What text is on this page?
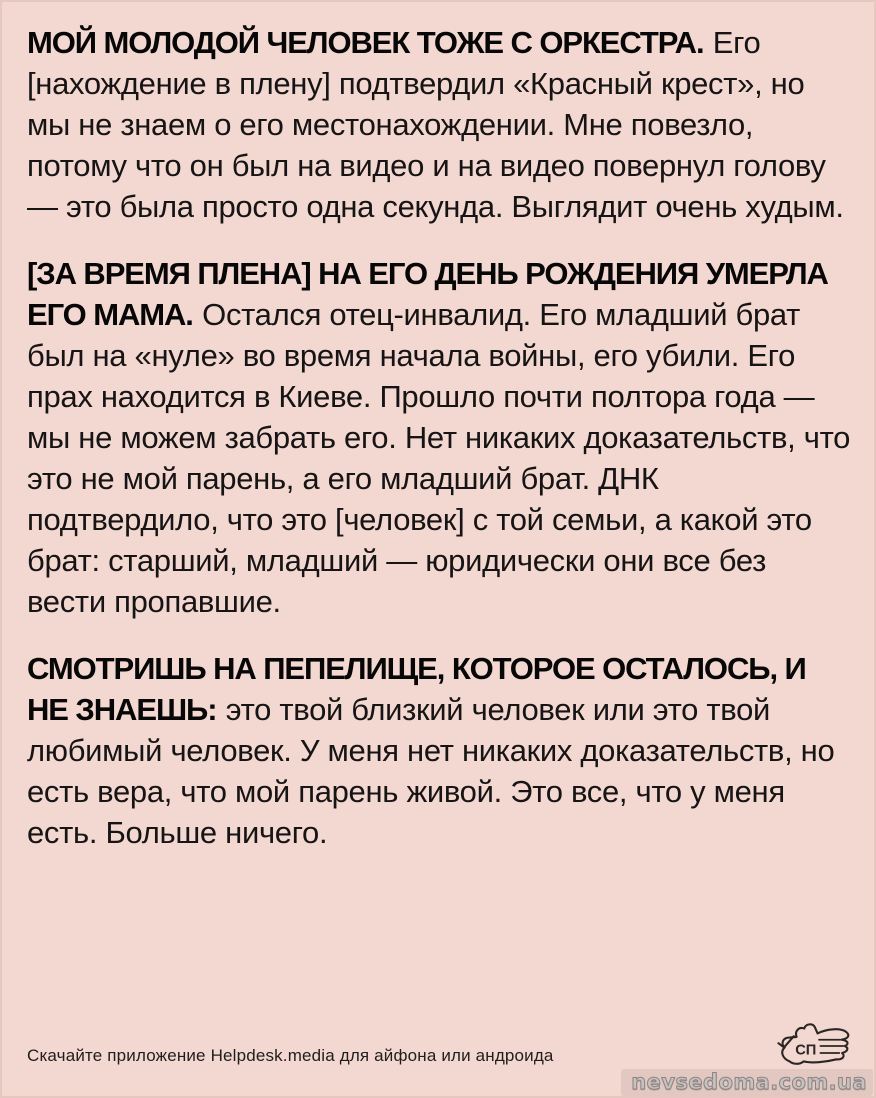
МОЙ МОЛОДОЙ ЧЕЛОВЕК ТОЖЕ С ОРКЕСТРА. Его [нахождение в плену] подтвердил «Красный крест», но мы не знаем о его местонахождении. Мне повезло, потому что он был на видео и на видео повернул голову — это была просто одна секунда. Выглядит очень худым.

[ЗА ВРЕМЯ ПЛЕНА] НА ЕГО ДЕНЬ РОЖДЕНИЯ УМЕРЛА ЕГО МАМА. Остался отец-инвалид. Его младший брат был на «нуле» во время начала войны, его убили. Его прах находится в Киеве. Прошло почти полтора года — мы не можем забрать его. Нет никаких доказательств, что это не мой парень, а его младший брат. ДНК подтвердило, что это [человек] с той семьи, а какой это брат: старший, младший — юридически они все без вести пропавшие.

СМОТРИШЬ НА ПЕПЕЛИЩЕ, КОТОРОЕ ОСТАЛОСЬ, И НЕ ЗНАЕШЬ: это твой близкий человек или это твой любимый человек. У меня нет никаких доказательств, но есть вера, что мой парень живой. Это все, что у меня есть. Больше ничего.

Скачайте приложение Helpdesk.media для айфона или андроида	СП
nevsedoma.com.ua
